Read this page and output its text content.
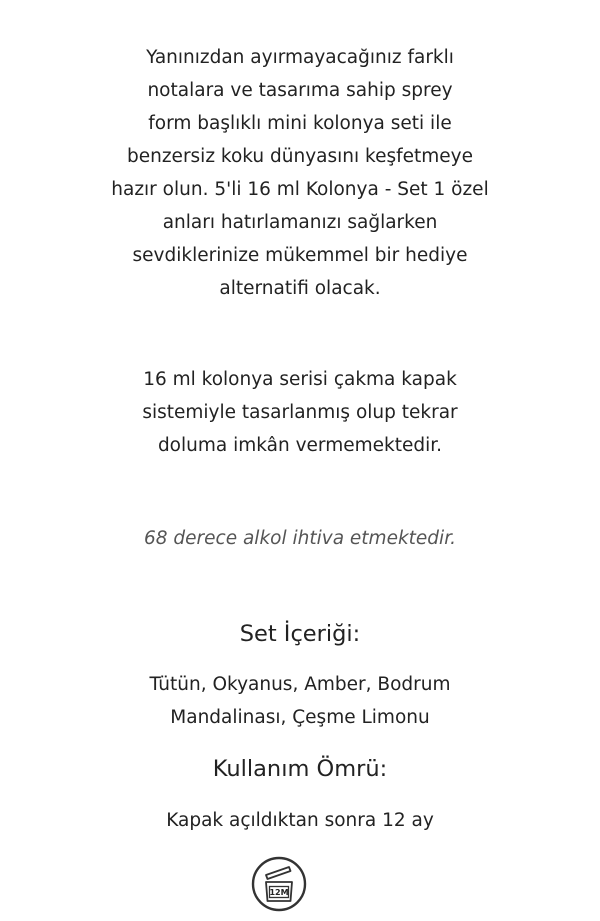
Yanınızdan ayırmayacağınız farklı
notalara ve tasarıma sahip sprey
form başlıklı mini kolonya seti ile
benzersiz koku dünyasını keşfetmeye
hazır olun. 5'li 16 ml Kolonya - Set 1 özel
anları hatırlamanızı sağlarken
sevdiklerinize mükemmel bir hediye
alternatifi olacak.
16 ml kolonya serisi çakma kapak
sistemiyle tasarlanmış olup tekrar
doluma imkân vermemektedir.
68 derece alkol ihtiva etmektedir.
Set İçeriği:
Tütün, Okyanus, Amber, Bodrum
Mandalinası, Çeşme Limonu
Kullanım Ömrü:
Kapak açıldıktan sonra 12 ay
12M
